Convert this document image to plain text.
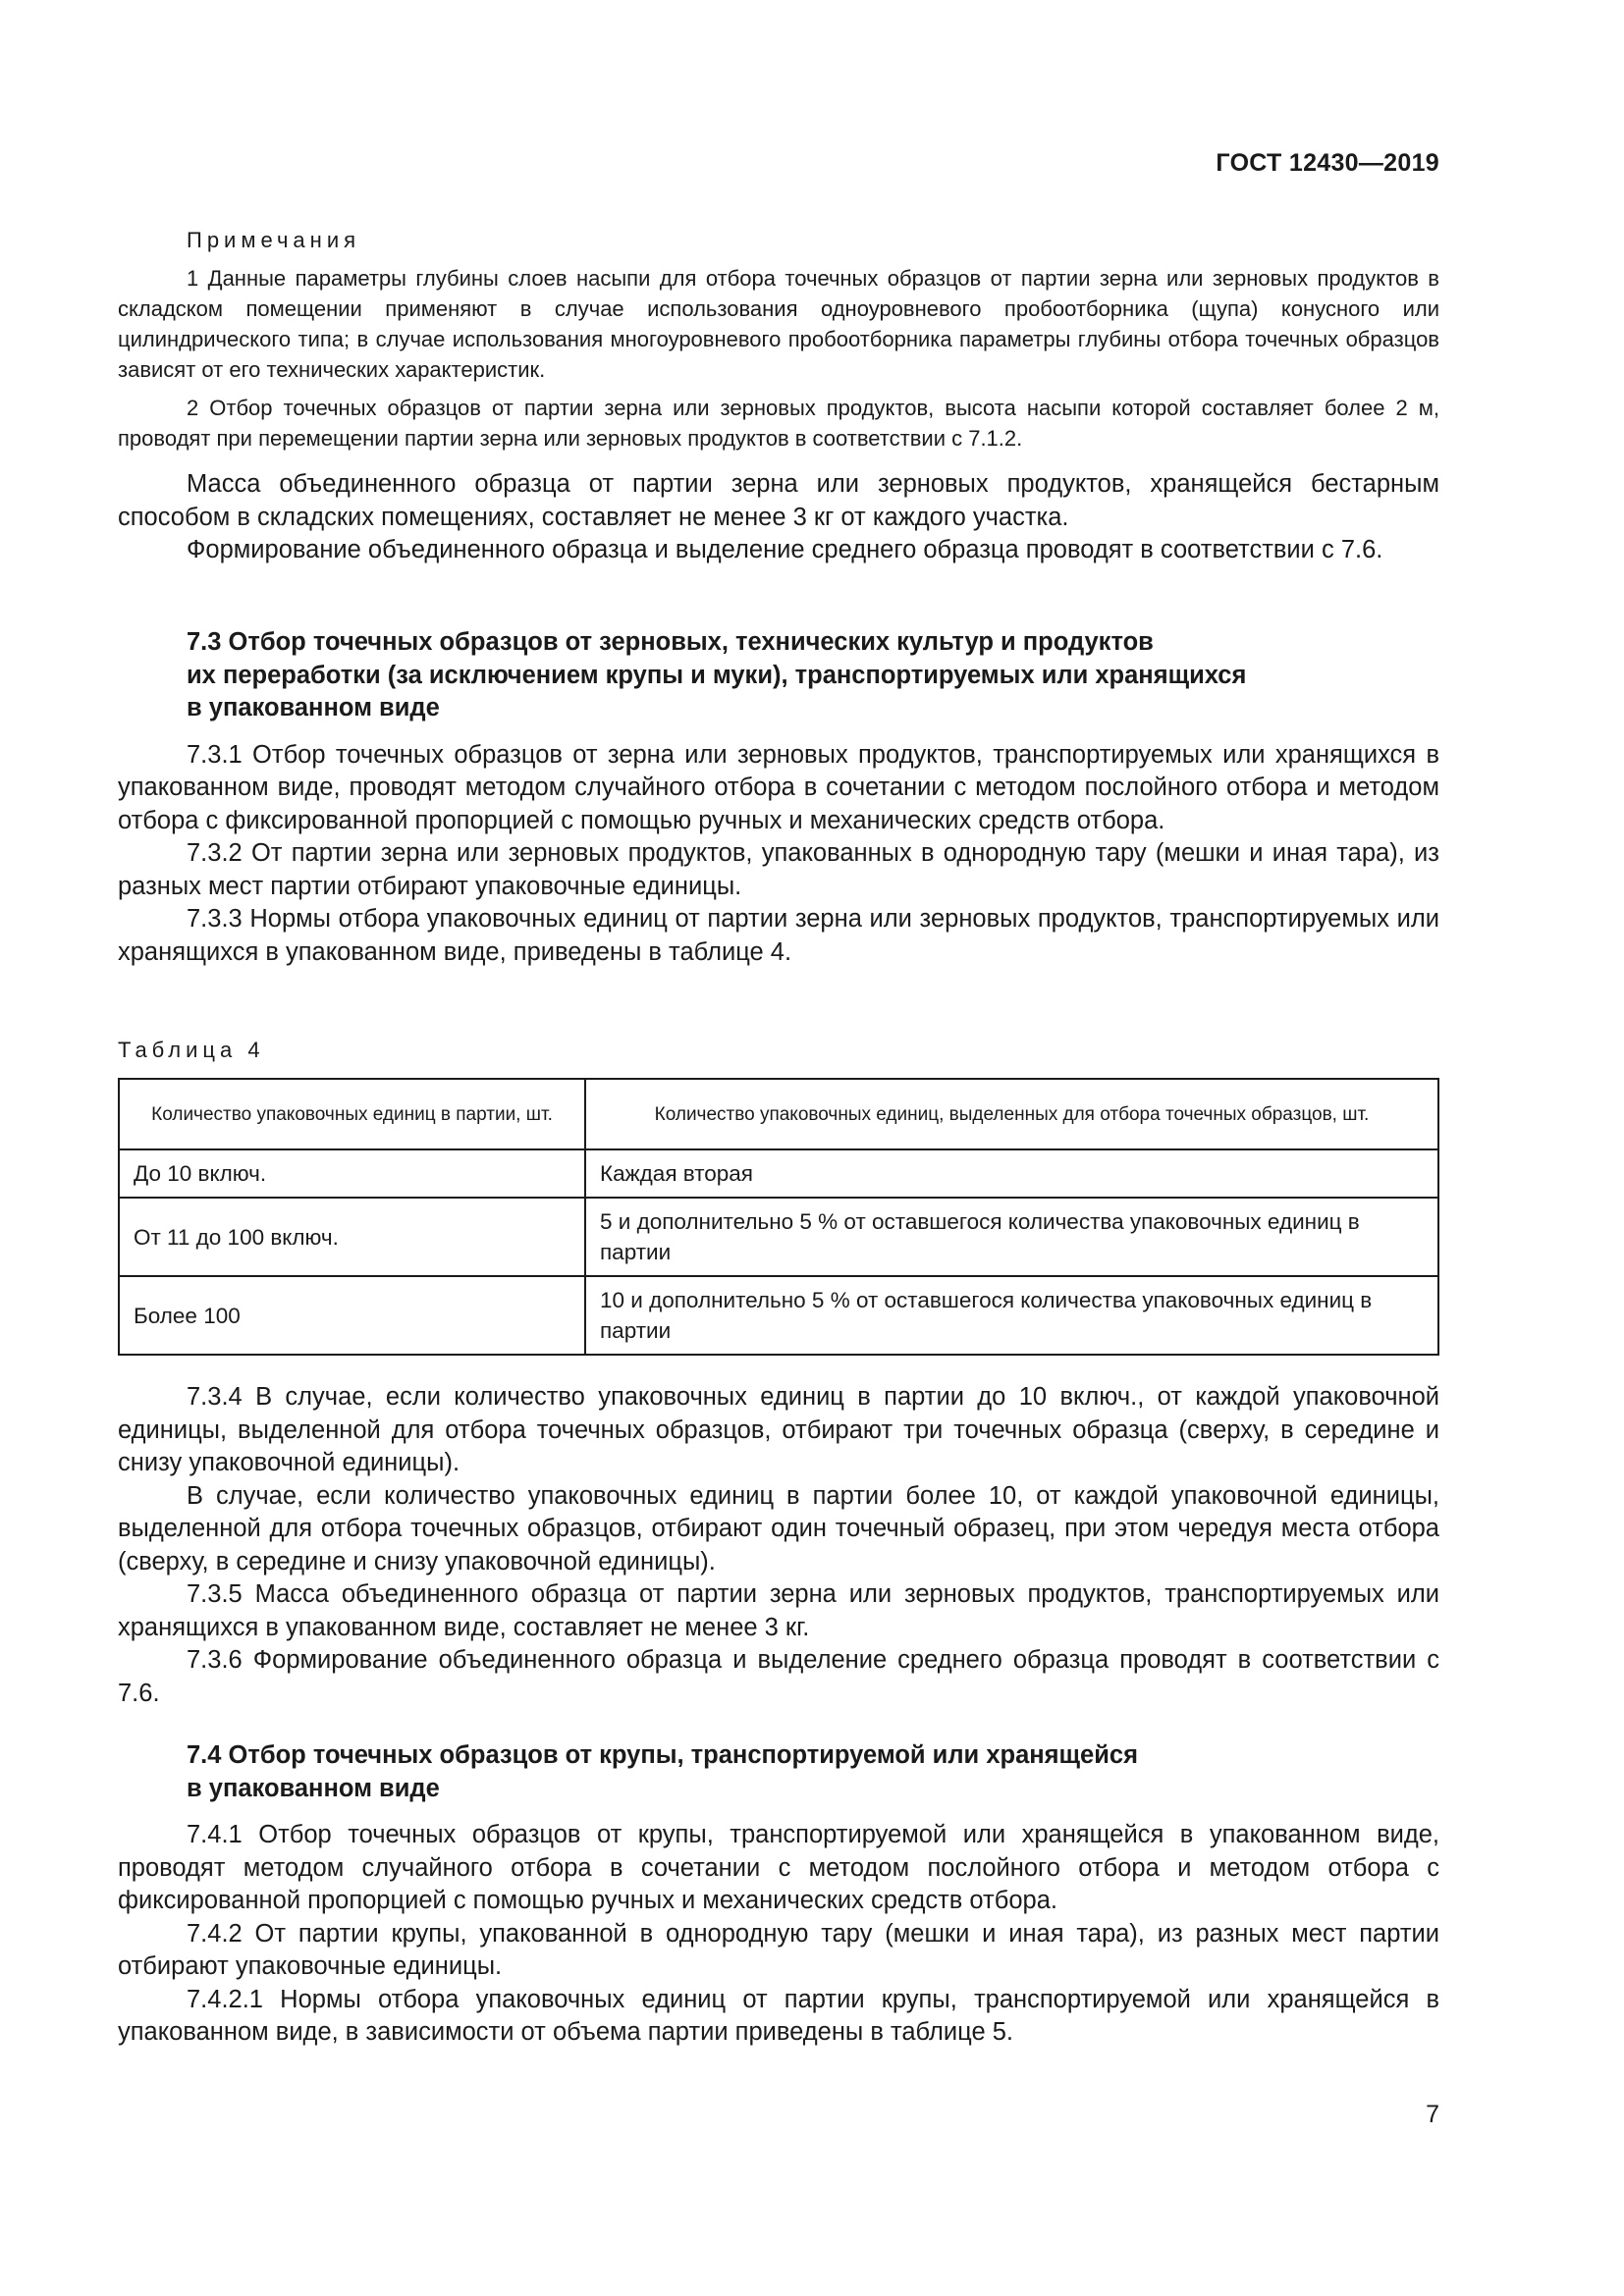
ГОСТ 12430—2019
Примечания

1 Данные параметры глубины слоев насыпи для отбора точечных образцов от партии зерна или зерновых продуктов в складском помещении применяют в случае использования одноуровневого пробоотборника (щупа) конусного или цилиндрического типа; в случае использования многоуровневого пробоотборника параметры глубины отбора точечных образцов зависят от его технических характеристик.

2 Отбор точечных образцов от партии зерна или зерновых продуктов, высота насыпи которой составляет более 2 м, проводят при перемещении партии зерна или зерновых продуктов в соответствии с 7.1.2.

Масса объединенного образца от партии зерна или зерновых продуктов, хранящейся бестарным способом в складских помещениях, составляет не менее 3 кг от каждого участка.

Формирование объединенного образца и выделение среднего образца проводят в соответствии с 7.6.

7.3 Отбор точечных образцов от зерновых, технических культур и продуктов
их переработки (за исключением крупы и муки), транспортируемых или хранящихся
в упакованном виде

7.3.1 Отбор точечных образцов от зерна или зерновых продуктов, транспортируемых или хранящихся в упакованном виде, проводят методом случайного отбора в сочетании с методом послойного отбора и методом отбора с фиксированной пропорцией с помощью ручных и механических средств отбора.

7.3.2 От партии зерна или зерновых продуктов, упакованных в однородную тару (мешки и иная тара), из разных мест партии отбирают упаковочные единицы.

7.3.3 Нормы отбора упаковочных единиц от партии зерна или зерновых продуктов, транспортируемых или хранящихся в упакованном виде, приведены в таблице 4.

Таблица 4
Количество упаковочных единиц в партии, шт.	Количество упаковочных единиц, выделенных для отбора точечных образцов, шт.
До 10 включ.	Каждая вторая
От 11 до 100 включ.	5 и дополнительно 5 % от оставшегося количества упаковочных единиц в партии
Более 100	10 и дополнительно 5 % от оставшегося количества упаковочных единиц в партии

7.3.4 В случае, если количество упаковочных единиц в партии до 10 включ., от каждой упаковочной единицы, выделенной для отбора точечных образцов, отбирают три точечных образца (сверху, в середине и снизу упаковочной единицы).

В случае, если количество упаковочных единиц в партии более 10, от каждой упаковочной единицы, выделенной для отбора точечных образцов, отбирают один точечный образец, при этом чередуя места отбора (сверху, в середине и снизу упаковочной единицы).

7.3.5 Масса объединенного образца от партии зерна или зерновых продуктов, транспортируемых или хранящихся в упакованном виде, составляет не менее 3 кг.

7.3.6 Формирование объединенного образца и выделение среднего образца проводят в соответствии с 7.6.

7.4 Отбор точечных образцов от крупы, транспортируемой или хранящейся
в упакованном виде

7.4.1 Отбор точечных образцов от крупы, транспортируемой или хранящейся в упакованном виде, проводят методом случайного отбора в сочетании с методом послойного отбора и методом отбора с фиксированной пропорцией с помощью ручных и механических средств отбора.

7.4.2 От партии крупы, упакованной в однородную тару (мешки и иная тара), из разных мест партии отбирают упаковочные единицы.

7.4.2.1 Нормы отбора упаковочных единиц от партии крупы, транспортируемой или хранящейся в упакованном виде, в зависимости от объема партии приведены в таблице 5.

7
